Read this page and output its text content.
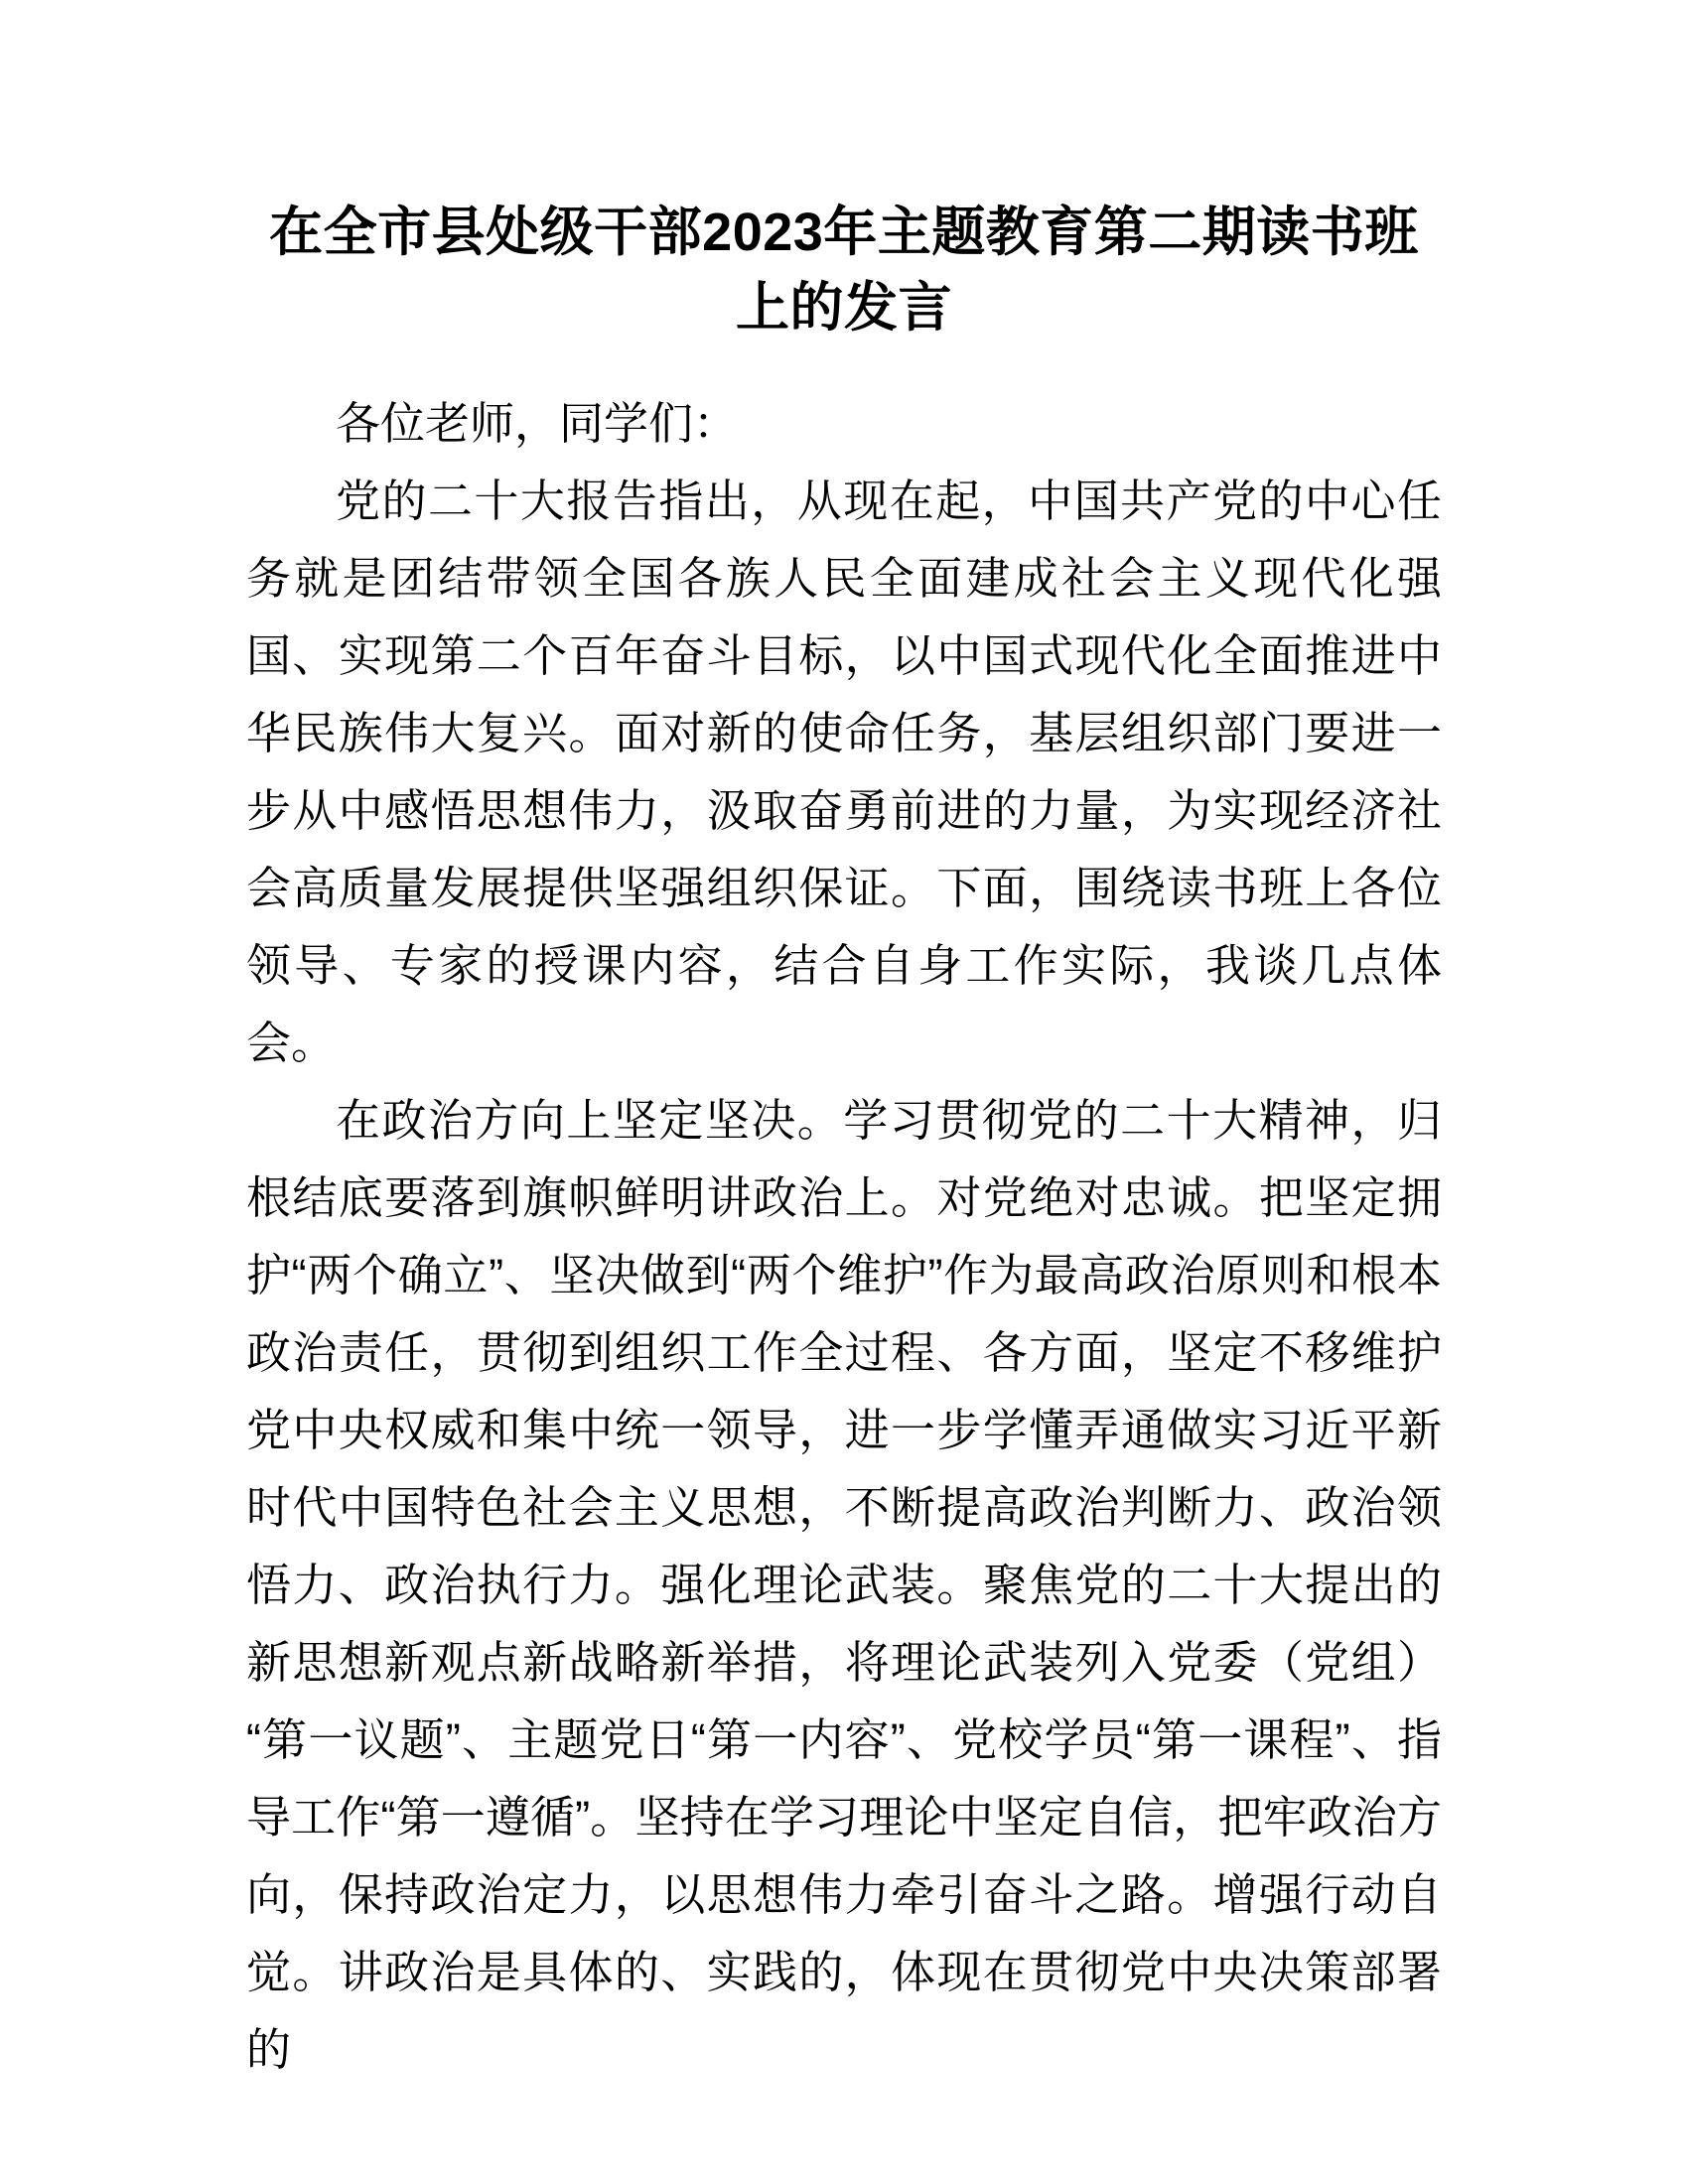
在全市县处级干部2023年主题教育第二期读书班上的发言

各位老师，同学们：

党的二十大报告指出，从现在起，中国共产党的中心任务就是团结带领全国各族人民全面建成社会主义现代化强国、实现第二个百年奋斗目标，以中国式现代化全面推进中华民族伟大复兴。面对新的使命任务，基层组织部门要进一步从中感悟思想伟力，汲取奋勇前进的力量，为实现经济社会高质量发展提供坚强组织保证。下面，围绕读书班上各位领导、专家的授课内容，结合自身工作实际，我谈几点体会。

在政治方向上坚定坚决。学习贯彻党的二十大精神，归根结底要落到旗帜鲜明讲政治上。对党绝对忠诚。把坚定拥护“两个确立”、坚决做到“两个维护”作为最高政治原则和根本政治责任，贯彻到组织工作全过程、各方面，坚定不移维护党中央权威和集中统一领导，进一步学懂弄通做实习近平新时代中国特色社会主义思想，不断提高政治判断力、政治领悟力、政治执行力。强化理论武装。聚焦党的二十大提出的新思想新观点新战略新举措，将理论武装列入党委（党组）“第一议题”、主题党日“第一内容”、党校学员“第一课程”、指导工作“第一遵循”。坚持在学习理论中坚定自信，把牢政治方向，保持政治定力，以思想伟力牵引奋斗之路。增强行动自觉。讲政治是具体的、实践的，体现在贯彻党中央决策部署的
